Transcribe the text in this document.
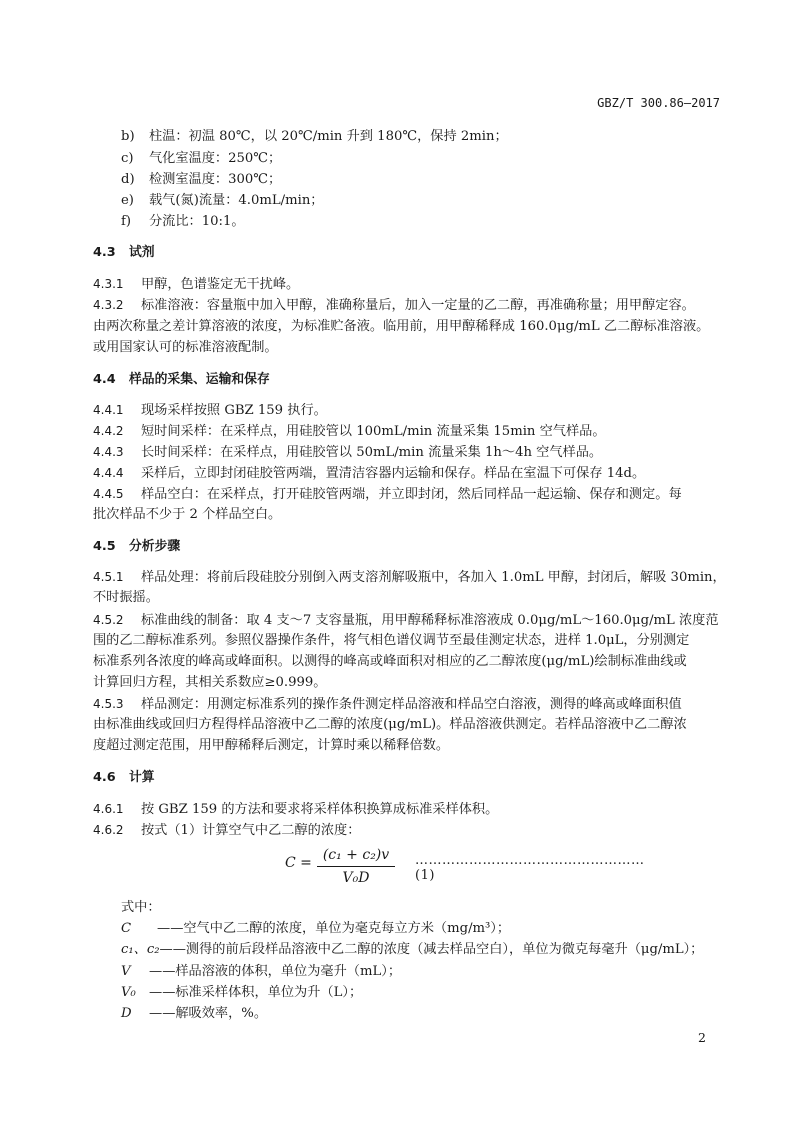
GBZ/T 300.86—2017
b) 柱温：初温 80℃，以 20℃/min 升到 180℃，保持 2min；
c) 气化室温度：250℃；
d) 检测室温度：300℃；
e) 载气(氮)流量：4.0mL/min；
f) 分流比：10:1。
4.3 试剂
4.3.1 甲醇，色谱鉴定无干扰峰。
4.3.2 标准溶液：容量瓶中加入甲醇，准确称量后，加入一定量的乙二醇，再准确称量；用甲醇定容。
由两次称量之差计算溶液的浓度，为标准贮备液。临用前，用甲醇稀释成 160.0μg/mL 乙二醇标准溶液。
或用国家认可的标准溶液配制。
4.4 样品的采集、运输和保存
4.4.1 现场采样按照 GBZ 159 执行。
4.4.2 短时间采样：在采样点，用硅胶管以 100mL/min 流量采集 15min 空气样品。
4.4.3 长时间采样：在采样点，用硅胶管以 50mL/min 流量采集 1h～4h 空气样品。
4.4.4 采样后，立即封闭硅胶管两端，置清洁容器内运输和保存。样品在室温下可保存 14d。
4.4.5 样品空白：在采样点，打开硅胶管两端，并立即封闭，然后同样品一起运输、保存和测定。每
批次样品不少于 2 个样品空白。
4.5 分析步骤
4.5.1 样品处理：将前后段硅胶分别倒入两支溶剂解吸瓶中，各加入 1.0mL 甲醇，封闭后，解吸 30min，
不时振摇。
4.5.2 标准曲线的制备：取 4 支～7 支容量瓶，用甲醇稀释标准溶液成 0.0μg/mL～160.0μg/mL 浓度范
围的乙二醇标准系列。参照仪器操作条件，将气相色谱仪调节至最佳测定状态，进样 1.0μL，分别测定
标准系列各浓度的峰高或峰面积。以测得的峰高或峰面积对相应的乙二醇浓度(μg/mL)绘制标准曲线或
计算回归方程，其相关系数应≥0.999。
4.5.3 样品测定：用测定标准系列的操作条件测定样品溶液和样品空白溶液，测得的峰高或峰面积值
由标准曲线或回归方程得样品溶液中乙二醇的浓度(μg/mL)。样品溶液供测定。若样品溶液中乙二醇浓
度超过测定范围，用甲醇稀释后测定，计算时乘以稀释倍数。
4.6 计算
4.6.1 按 GBZ 159 的方法和要求将采样体积换算成标准采样体积。
4.6.2 按式（1）计算空气中乙二醇的浓度：
C = (c₁ + c₂)v
V₀D
……………………………………………(1)
式中：
C ——空气中乙二醇的浓度，单位为毫克每立方米（mg/m³）；
c₁、c₂——测得的前后段样品溶液中乙二醇的浓度（减去样品空白），单位为微克每毫升（μg/mL）；
V ——样品溶液的体积，单位为毫升（mL）；
V₀ ——标准采样体积，单位为升（L）；
D ——解吸效率，%。
2
